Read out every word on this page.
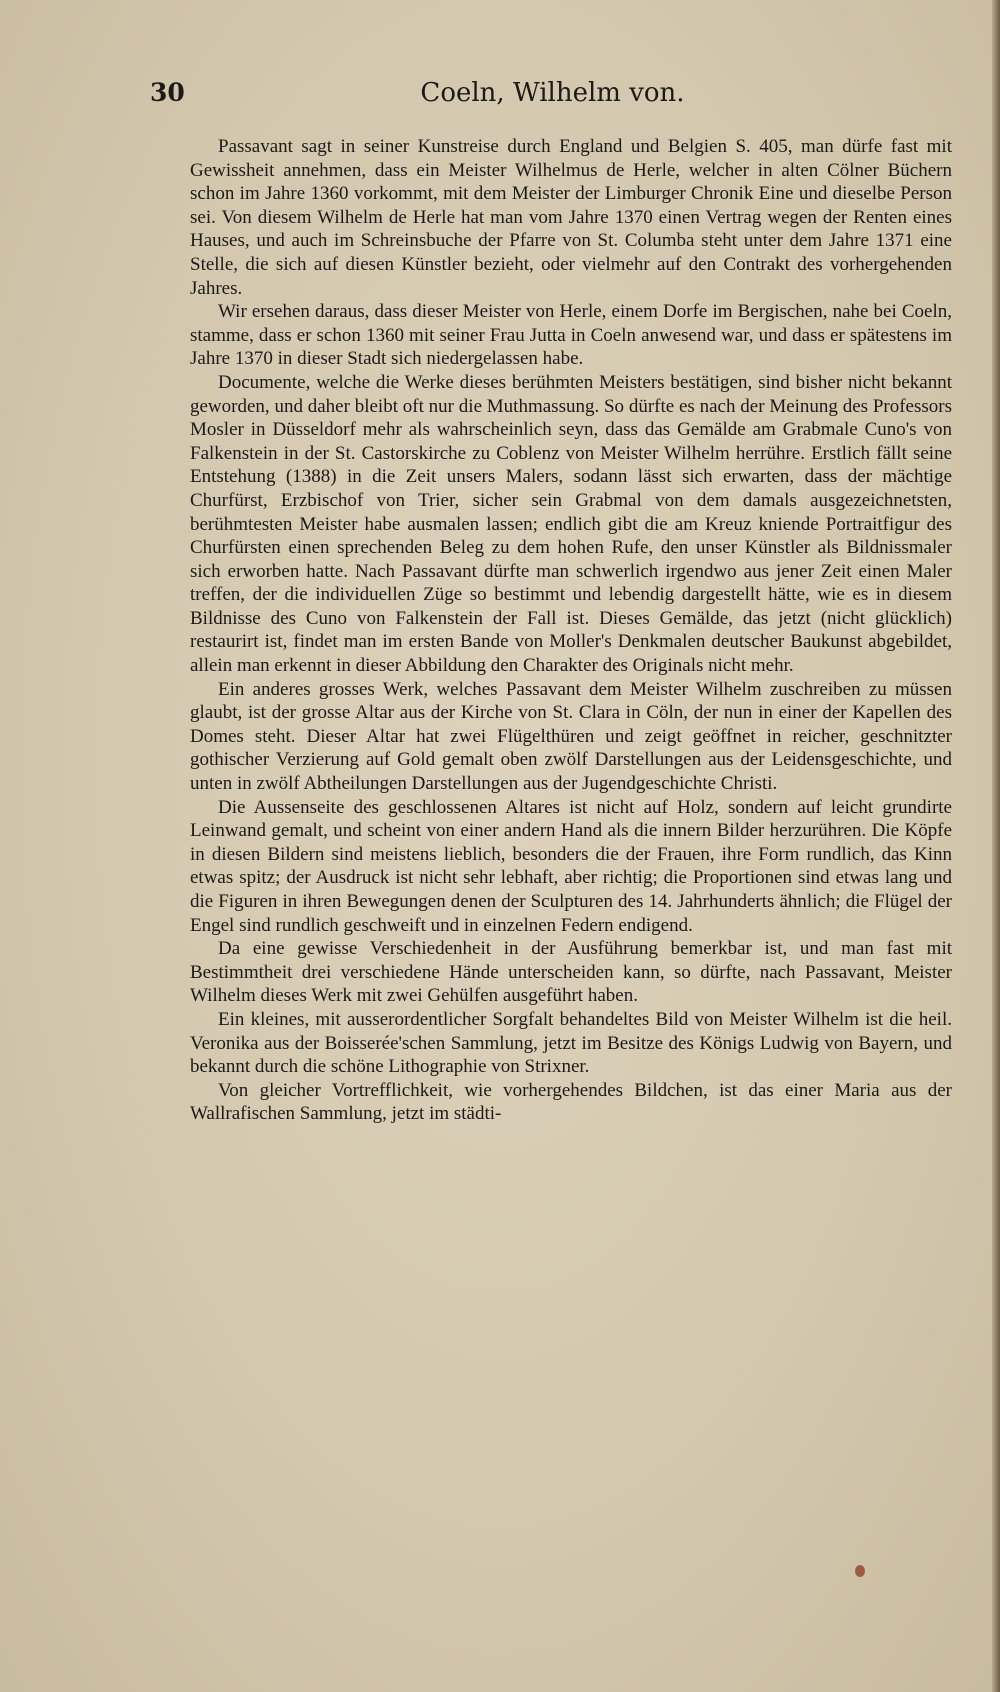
30	Coeln, Wilhelm von.

Passavant sagt in seiner Kunstreise durch England und Belgien S. 405, man dürfe fast mit Gewissheit annehmen, dass ein Meister Wilhelmus de Herle, welcher in alten Cölner Büchern schon im Jahre 1360 vorkommt, mit dem Meister der Limburger Chronik Eine und dieselbe Person sei. Von diesem Wilhelm de Herle hat man vom Jahre 1370 einen Vertrag wegen der Renten eines Hauses, und auch im Schreinsbuche der Pfarre von St. Columba steht unter dem Jahre 1371 eine Stelle, die sich auf diesen Künstler bezieht, oder vielmehr auf den Contrakt des vorhergehenden Jahres.

Wir ersehen daraus, dass dieser Meister von Herle, einem Dorfe im Bergischen, nahe bei Coeln, stamme, dass er schon 1360 mit seiner Frau Jutta in Coeln anwesend war, und dass er spätestens im Jahre 1370 in dieser Stadt sich niedergelassen habe.

Documente, welche die Werke dieses berühmten Meisters bestätigen, sind bisher nicht bekannt geworden, und daher bleibt oft nur die Muthmassung. So dürfte es nach der Meinung des Professors Mosler in Düsseldorf mehr als wahrscheinlich seyn, dass das Gemälde am Grabmale Cuno's von Falkenstein in der St. Castorskirche zu Coblenz von Meister Wilhelm herrühre. Erstlich fällt seine Entstehung (1388) in die Zeit unsers Malers, sodann lässt sich erwarten, dass der mächtige Churfürst, Erzbischof von Trier, sicher sein Grabmal von dem damals ausgezeichnetsten, berühmtesten Meister habe ausmalen lassen; endlich gibt die am Kreuz kniende Portraitfigur des Churfürsten einen sprechenden Beleg zu dem hohen Rufe, den unser Künstler als Bildnissmaler sich erworben hatte. Nach Passavant dürfte man schwerlich irgendwo aus jener Zeit einen Maler treffen, der die individuellen Züge so bestimmt und lebendig dargestellt hätte, wie es in diesem Bildnisse des Cuno von Falkenstein der Fall ist. Dieses Gemälde, das jetzt (nicht glücklich) restaurirt ist, findet man im ersten Bande von Moller's Denkmalen deutscher Baukunst abgebildet, allein man erkennt in dieser Abbildung den Charakter des Originals nicht mehr.

Ein anderes grosses Werk, welches Passavant dem Meister Wilhelm zuschreiben zu müssen glaubt, ist der grosse Altar aus der Kirche von St. Clara in Cöln, der nun in einer der Kapellen des Domes steht. Dieser Altar hat zwei Flügelthüren und zeigt geöffnet in reicher, geschnitzter gothischer Verzierung auf Gold gemalt oben zwölf Darstellungen aus der Leidensgeschichte, und unten in zwölf Abtheilungen Darstellungen aus der Jugendgeschichte Christi.

Die Aussenseite des geschlossenen Altares ist nicht auf Holz, sondern auf leicht grundirte Leinwand gemalt, und scheint von einer andern Hand als die innern Bilder herzurühren. Die Köpfe in diesen Bildern sind meistens lieblich, besonders die der Frauen, ihre Form rundlich, das Kinn etwas spitz; der Ausdruck ist nicht sehr lebhaft, aber richtig; die Proportionen sind etwas lang und die Figuren in ihren Bewegungen denen der Sculpturen des 14. Jahrhunderts ähnlich; die Flügel der Engel sind rundlich geschweift und in einzelnen Federn endigend.

Da eine gewisse Verschiedenheit in der Ausführung bemerkbar ist, und man fast mit Bestimmtheit drei verschiedene Hände unterscheiden kann, so dürfte, nach Passavant, Meister Wilhelm dieses Werk mit zwei Gehülfen ausgeführt haben.

Ein kleines, mit ausserordentlicher Sorgfalt behandeltes Bild von Meister Wilhelm ist die heil. Veronika aus der Boisserée'schen Sammlung, jetzt im Besitze des Königs Ludwig von Bayern, und bekannt durch die schöne Lithographie von Strixner.

Von gleicher Vortrefflichkeit, wie vorhergehendes Bildchen, ist das einer Maria aus der Wallrafischen Sammlung, jetzt im städti-
